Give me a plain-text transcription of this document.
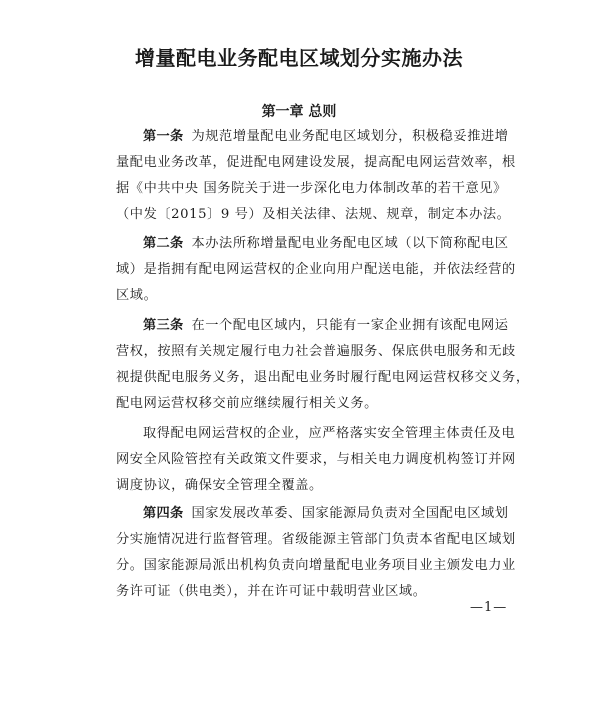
增量配电业务配电区域划分实施办法
第一章 总则
第一条 为规范增量配电业务配电区域划分，积极稳妥推进增
量配电业务改革，促进配电网建设发展，提高配电网运营效率，根
据《中共中央 国务院关于进一步深化电力体制改革的若干意见》
（中发〔2015〕9 号）及相关法律、法规、规章，制定本办法。
第二条 本办法所称增量配电业务配电区域（以下简称配电区
域）是指拥有配电网运营权的企业向用户配送电能，并依法经营的
区域。
第三条 在一个配电区域内，只能有一家企业拥有该配电网运
营权，按照有关规定履行电力社会普遍服务、保底供电服务和无歧
视提供配电服务义务，退出配电业务时履行配电网运营权移交义务，
配电网运营权移交前应继续履行相关义务。
取得配电网运营权的企业，应严格落实安全管理主体责任及电
网安全风险管控有关政策文件要求，与相关电力调度机构签订并网
调度协议，确保安全管理全覆盖。
第四条 国家发展改革委、国家能源局负责对全国配电区域划
分实施情况进行监督管理。省级能源主管部门负责本省配电区域划
分。国家能源局派出机构负责向增量配电业务项目业主颁发电力业
务许可证（供电类），并在许可证中载明营业区域。
—1—
